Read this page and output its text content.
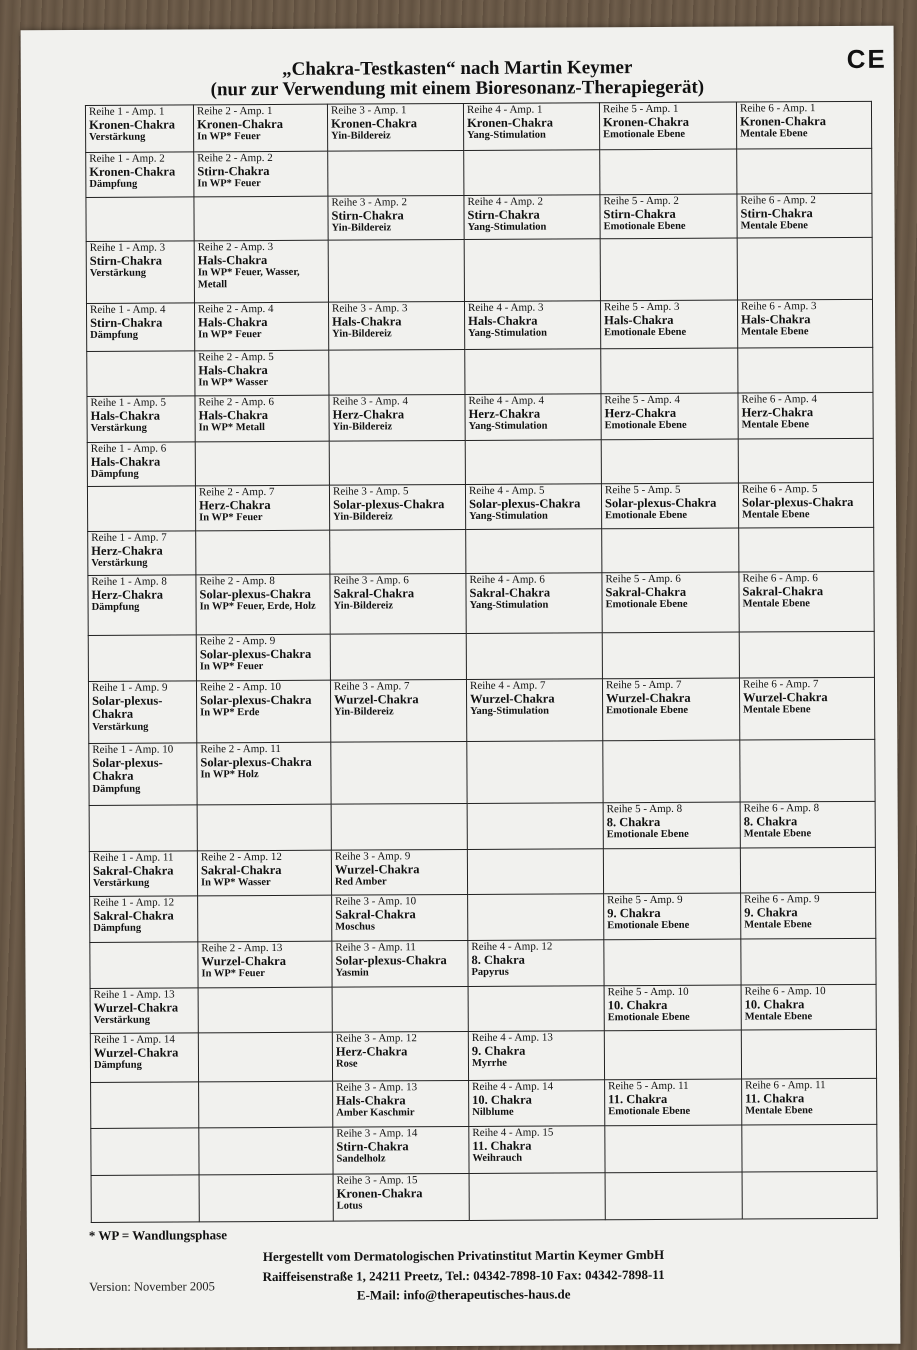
CE
„Chakra-Testkasten“ nach Martin Keymer
(nur zur Verwendung mit einem Bioresonanz-Therapiegerät)
Reihe 1 - Amp. 1
Kronen-Chakra
Verstärkung	Reihe 2 - Amp. 1
Kronen-Chakra
In WP* Feuer	Reihe 3 - Amp. 1
Kronen-Chakra
Yin-Bildereiz	Reihe 4 - Amp. 1
Kronen-Chakra
Yang-Stimulation	Reihe 5 - Amp. 1
Kronen-Chakra
Emotionale Ebene	Reihe 6 - Amp. 1
Kronen-Chakra
Mentale Ebene

Reihe 1 - Amp. 2
Kronen-Chakra
Dämpfung	Reihe 2 - Amp. 2
Stirn-Chakra
In WP* Feuer				

		Reihe 3 - Amp. 2
Stirn-Chakra
Yin-Bildereiz	Reihe 4 - Amp. 2
Stirn-Chakra
Yang-Stimulation	Reihe 5 - Amp. 2
Stirn-Chakra
Emotionale Ebene	Reihe 6 - Amp. 2
Stirn-Chakra
Mentale Ebene

Reihe 1 - Amp. 3
Stirn-Chakra
Verstärkung	Reihe 2 - Amp. 3
Hals-Chakra
In WP* Feuer, Wasser, Metall				

Reihe 1 - Amp. 4
Stirn-Chakra
Dämpfung	Reihe 2 - Amp. 4
Hals-Chakra
In WP* Feuer	Reihe 3 - Amp. 3
Hals-Chakra
Yin-Bildereiz	Reihe 4 - Amp. 3
Hals-Chakra
Yang-Stimulation	Reihe 5 - Amp. 3
Hals-Chakra
Emotionale Ebene	Reihe 6 - Amp. 3
Hals-Chakra
Mentale Ebene

	Reihe 2 - Amp. 5
Hals-Chakra
In WP* Wasser				

Reihe 1 - Amp. 5
Hals-Chakra
Verstärkung	Reihe 2 - Amp. 6
Hals-Chakra
In WP* Metall	Reihe 3 - Amp. 4
Herz-Chakra
Yin-Bildereiz	Reihe 4 - Amp. 4
Herz-Chakra
Yang-Stimulation	Reihe 5 - Amp. 4
Herz-Chakra
Emotionale Ebene	Reihe 6 - Amp. 4
Herz-Chakra
Mentale Ebene

Reihe 1 - Amp. 6
Hals-Chakra
Dämpfung					

	Reihe 2 - Amp. 7
Herz-Chakra
In WP* Feuer	Reihe 3 - Amp. 5
Solar-plexus-Chakra
Yin-Bildereiz	Reihe 4 - Amp. 5
Solar-plexus-Chakra
Yang-Stimulation	Reihe 5 - Amp. 5
Solar-plexus-Chakra
Emotionale Ebene	Reihe 6 - Amp. 5
Solar-plexus-Chakra
Mentale Ebene

Reihe 1 - Amp. 7
Herz-Chakra
Verstärkung					

Reihe 1 - Amp. 8
Herz-Chakra
Dämpfung	Reihe 2 - Amp. 8
Solar-plexus-Chakra
In WP* Feuer, Erde, Holz	Reihe 3 - Amp. 6
Sakral-Chakra
Yin-Bildereiz	Reihe 4 - Amp. 6
Sakral-Chakra
Yang-Stimulation	Reihe 5 - Amp. 6
Sakral-Chakra
Emotionale Ebene	Reihe 6 - Amp. 6
Sakral-Chakra
Mentale Ebene

	Reihe 2 - Amp. 9
Solar-plexus-Chakra
In WP* Feuer				

Reihe 1 - Amp. 9
Solar-plexus-Chakra
Verstärkung	Reihe 2 - Amp. 10
Solar-plexus-Chakra
In WP* Erde	Reihe 3 - Amp. 7
Wurzel-Chakra
Yin-Bildereiz	Reihe 4 - Amp. 7
Wurzel-Chakra
Yang-Stimulation	Reihe 5 - Amp. 7
Wurzel-Chakra
Emotionale Ebene	Reihe 6 - Amp. 7
Wurzel-Chakra
Mentale Ebene

Reihe 1 - Amp. 10
Solar-plexus-Chakra
Dämpfung	Reihe 2 - Amp. 11
Solar-plexus-Chakra
In WP* Holz				

				Reihe 5 - Amp. 8
8. Chakra
Emotionale Ebene	Reihe 6 - Amp. 8
8. Chakra
Mentale Ebene

Reihe 1 - Amp. 11
Sakral-Chakra
Verstärkung	Reihe 2 - Amp. 12
Sakral-Chakra
In WP* Wasser	Reihe 3 - Amp. 9
Wurzel-Chakra
Red Amber			

Reihe 1 - Amp. 12
Sakral-Chakra
Dämpfung		Reihe 3 - Amp. 10
Sakral-Chakra
Moschus		Reihe 5 - Amp. 9
9. Chakra
Emotionale Ebene	Reihe 6 - Amp. 9
9. Chakra
Mentale Ebene

	Reihe 2 - Amp. 13
Wurzel-Chakra
In WP* Feuer	Reihe 3 - Amp. 11
Solar-plexus-Chakra
Yasmin	Reihe 4 - Amp. 12
8. Chakra
Papyrus		

Reihe 1 - Amp. 13
Wurzel-Chakra
Verstärkung				Reihe 5 - Amp. 10
10. Chakra
Emotionale Ebene	Reihe 6 - Amp. 10
10. Chakra
Mentale Ebene

Reihe 1 - Amp. 14
Wurzel-Chakra
Dämpfung		Reihe 3 - Amp. 12
Herz-Chakra
Rose	Reihe 4 - Amp. 13
9. Chakra
Myrrhe		

		Reihe 3 - Amp. 13
Hals-Chakra
Amber Kaschmir	Reihe 4 - Amp. 14
10. Chakra
Nilblume	Reihe 5 - Amp. 11
11. Chakra
Emotionale Ebene	Reihe 6 - Amp. 11
11. Chakra
Mentale Ebene

		Reihe 3 - Amp. 14
Stirn-Chakra
Sandelholz	Reihe 4 - Amp. 15
11. Chakra
Weihrauch		

		Reihe 3 - Amp. 15
Kronen-Chakra
Lotus			

* WP = Wandlungsphase
Hergestellt vom Dermatologischen Privatinstitut Martin Keymer GmbH
Raiffeisenstraße 1, 24211 Preetz, Tel.: 04342-7898-10 Fax: 04342-7898-11
E-Mail: info@therapeutisches-haus.de
Version: November 2005
